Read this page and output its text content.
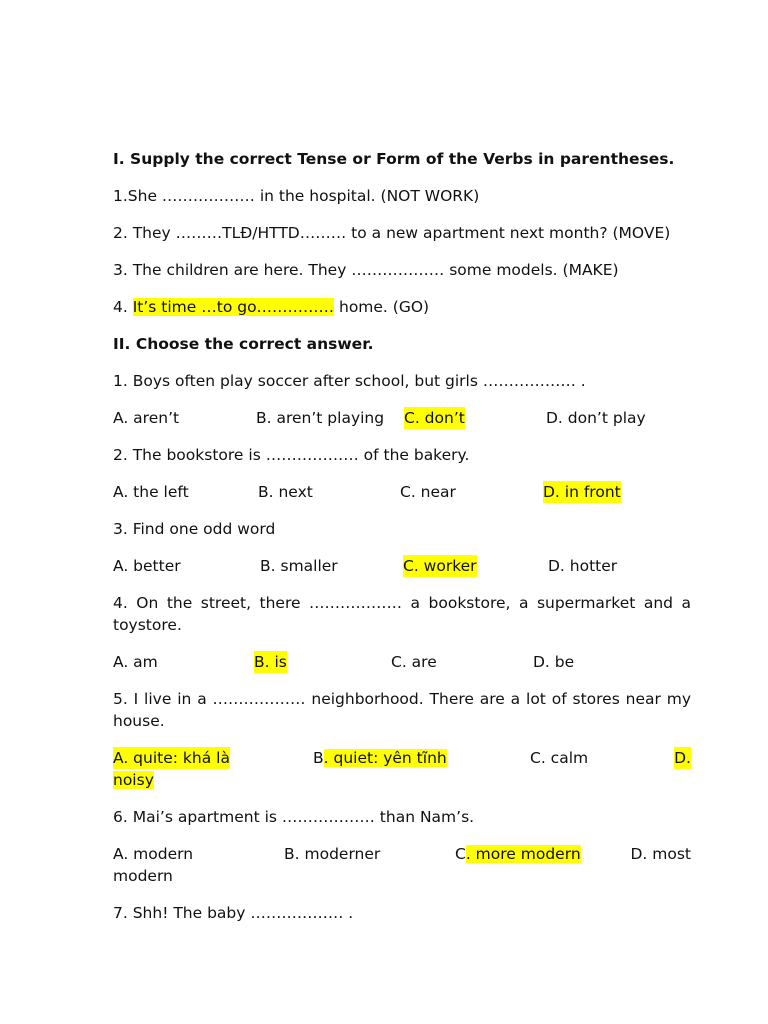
I. Supply the correct Tense or Form of the Verbs in parentheses.
1.She ……………… in the hospital. (NOT WORK)
2. They ………TLĐ/HTTD……… to a new apartment next month? (MOVE)
3. The children are here. They ……………… some models. (MAKE)
4. It’s time …to go…………… home. (GO)
II. Choose the correct answer.
1. Boys often play soccer after school, but girls ……………… .
A. aren’t	B. aren’t playing C. don’t	D. don’t play
2. The bookstore is ……………… of the bakery.
A. the left	B. next	C. near	D. in front
3. Find one odd word
A. better	B. smaller	C. worker	D. hotter
4. On the street, there ……………… a bookstore, a supermarket and a
toystore.
A. am	B. is	C. are	D. be
5. I live in a ……………… neighborhood. There are a lot of stores near my
house.
A. quite: khá là	B. quiet: yên tĩnh	C. calm	D.
noisy
6. Mai’s apartment is ……………… than Nam’s.
A. modern	B. moderner	C. more modern	D. most
modern
7. Shh! The baby ……………… .
